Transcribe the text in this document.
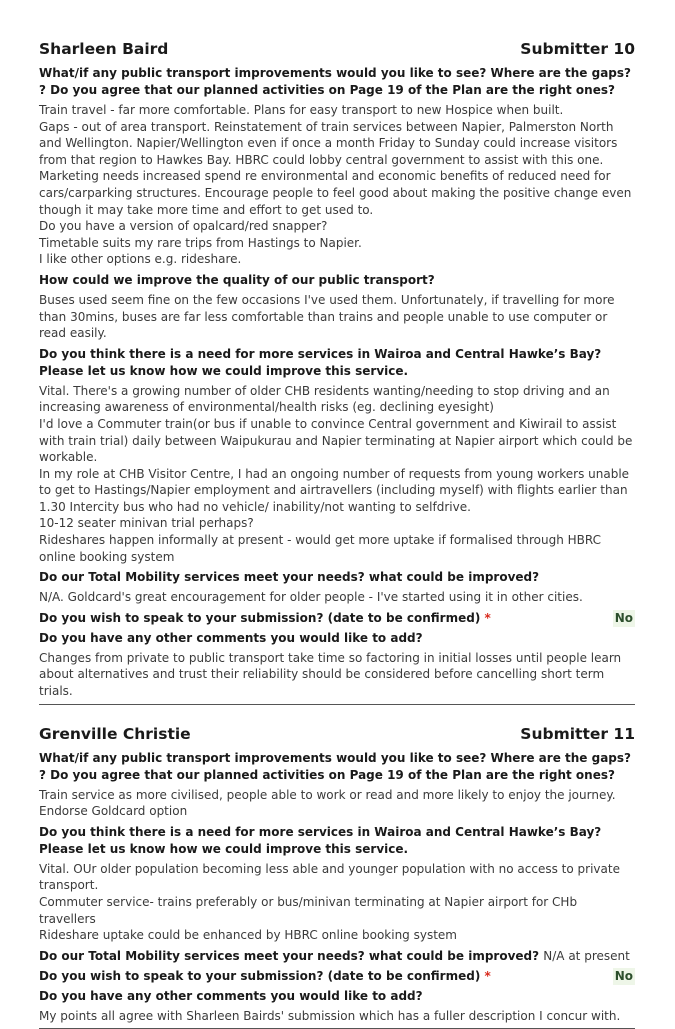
Sharleen Baird	Submitter 10
What/if any public transport improvements would you like to see? Where are the gaps? ? Do you agree that our planned activities on Page 19 of the Plan are the right ones?

Train travel - far more comfortable. Plans for easy transport to new Hospice when built.

Gaps - out of area transport. Reinstatement of train services between Napier, Palmerston North and Wellington. Napier/Wellington even if once a month Friday to Sunday could increase visitors from that region to Hawkes Bay. HBRC could lobby central government to assist with this one.

Marketing needs increased spend re environmental and economic benefits of reduced need for cars/carparking structures. Encourage people to feel good about making the positive change even though it may take more time and effort to get used to.

Do you have a version of opalcard/red snapper?

Timetable suits my rare trips from Hastings to Napier.

I like other options e.g. rideshare.

How could we improve the quality of our public transport?

Buses used seem fine on the few occasions I've used them. Unfortunately, if travelling for more than 30mins, buses are far less comfortable than trains and people unable to use computer or read easily.

Do you think there is a need for more services in Wairoa and Central Hawke’s Bay? Please let us know how we could improve this service.

Vital. There's a growing number of older CHB residents wanting/needing to stop driving and an increasing awareness of environmental/health risks (eg. declining eyesight)

I'd love a Commuter train(or bus if unable to convince Central government and Kiwirail to assist with train trial) daily between Waipukurau and Napier terminating at Napier airport which could be workable.

In my role at CHB Visitor Centre, I had an ongoing number of requests from young workers unable to get to Hastings/Napier employment and airtravellers (including myself) with flights earlier than 1.30 Intercity bus who had no vehicle/ inability/not wanting to selfdrive.

10-12 seater minivan trial perhaps?

Rideshares happen informally at present - would get more uptake if formalised through HBRC online booking system

Do our Total Mobility services meet your needs? what could be improved?
N/A. Goldcard's great encouragement for older people - I've started using it in other cities.
Do you wish to speak to your submission? (date to be confirmed) *	No
Do you have any other comments you would like to add?

Changes from private to public transport take time so factoring in initial losses until people learn about alternatives and trust their reliability should be considered before cancelling short term trials.

Grenville Christie	Submitter 11
What/if any public transport improvements would you like to see? Where are the gaps? ? Do you agree that our planned activities on Page 19 of the Plan are the right ones?

Train service as more civilised, people able to work or read and more likely to enjoy the journey.

Endorse Goldcard option

Do you think there is a need for more services in Wairoa and Central Hawke’s Bay? Please let us know how we could improve this service.

Vital. OUr older population becoming less able and younger population with no access to private transport.

Commuter service- trains preferably or bus/minivan terminating at Napier airport for CHb travellers

Rideshare uptake could be enhanced by HBRC online booking system

Do our Total Mobility services meet your needs? what could be improved? N/A at present
Do you wish to speak to your submission? (date to be confirmed) *	No
Do you have any other comments you would like to add?

My points all agree with Sharleen Bairds' submission which has a fuller description I concur with.
